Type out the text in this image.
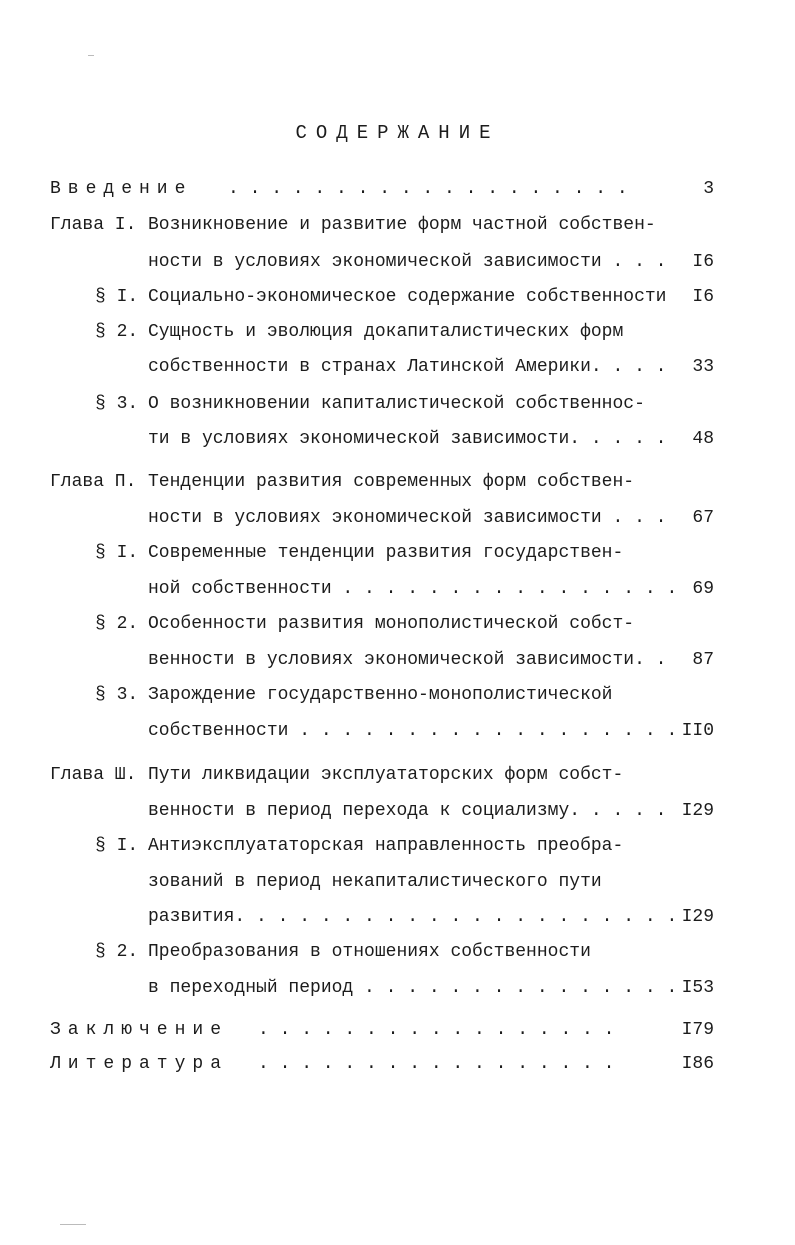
СОДЕРЖАНИЕ
Введение . . . . . . . . . . . . . . . . . . .	3
Глава I. Возникновение и развитие форм частной собствен-
ности в условиях экономической зависимости . . .	I6
§ I. Социально-экономическое содержание собственности	I6
§ 2. Сущность и эволюция докапиталистических форм
собственности в странах Латинской Америки. . . .	33
§ 3. О возникновении капиталистической собственнос-
ти в условиях экономической зависимости. . . . .	48
Глава П. Тенденции развития современных форм собствен-
ности в условиях экономической зависимости . . .	67
§ I. Современные тенденции развития государствен-
ной собственности . . . . . . . . . . . . . . . . 69
§ 2. Особенности развития монополистической собст-
венности в условиях экономической зависимости. .	87
§ 3. Зарождение государственно-монополистической
собственности . . . . . . . . . . . . . . . . . . II0
Глава Ш. Пути ликвидации эксплуататорских форм собст-
венности в период перехода к социализму. . . . . I29
§ I. Антиэксплуататорская направленность преобра-
зований в период некапиталистического пути
развития. . . . . . . . . . . . . . . . . . . . . I29
§ 2. Преобразования в отношениях собственности
в переходный период . . . . . . . . . . . . . . . I53
Заключение . . . . . . . . . . . . . . . . .	I79
Литература . . . . . . . . . . . . . . . . .	I86
